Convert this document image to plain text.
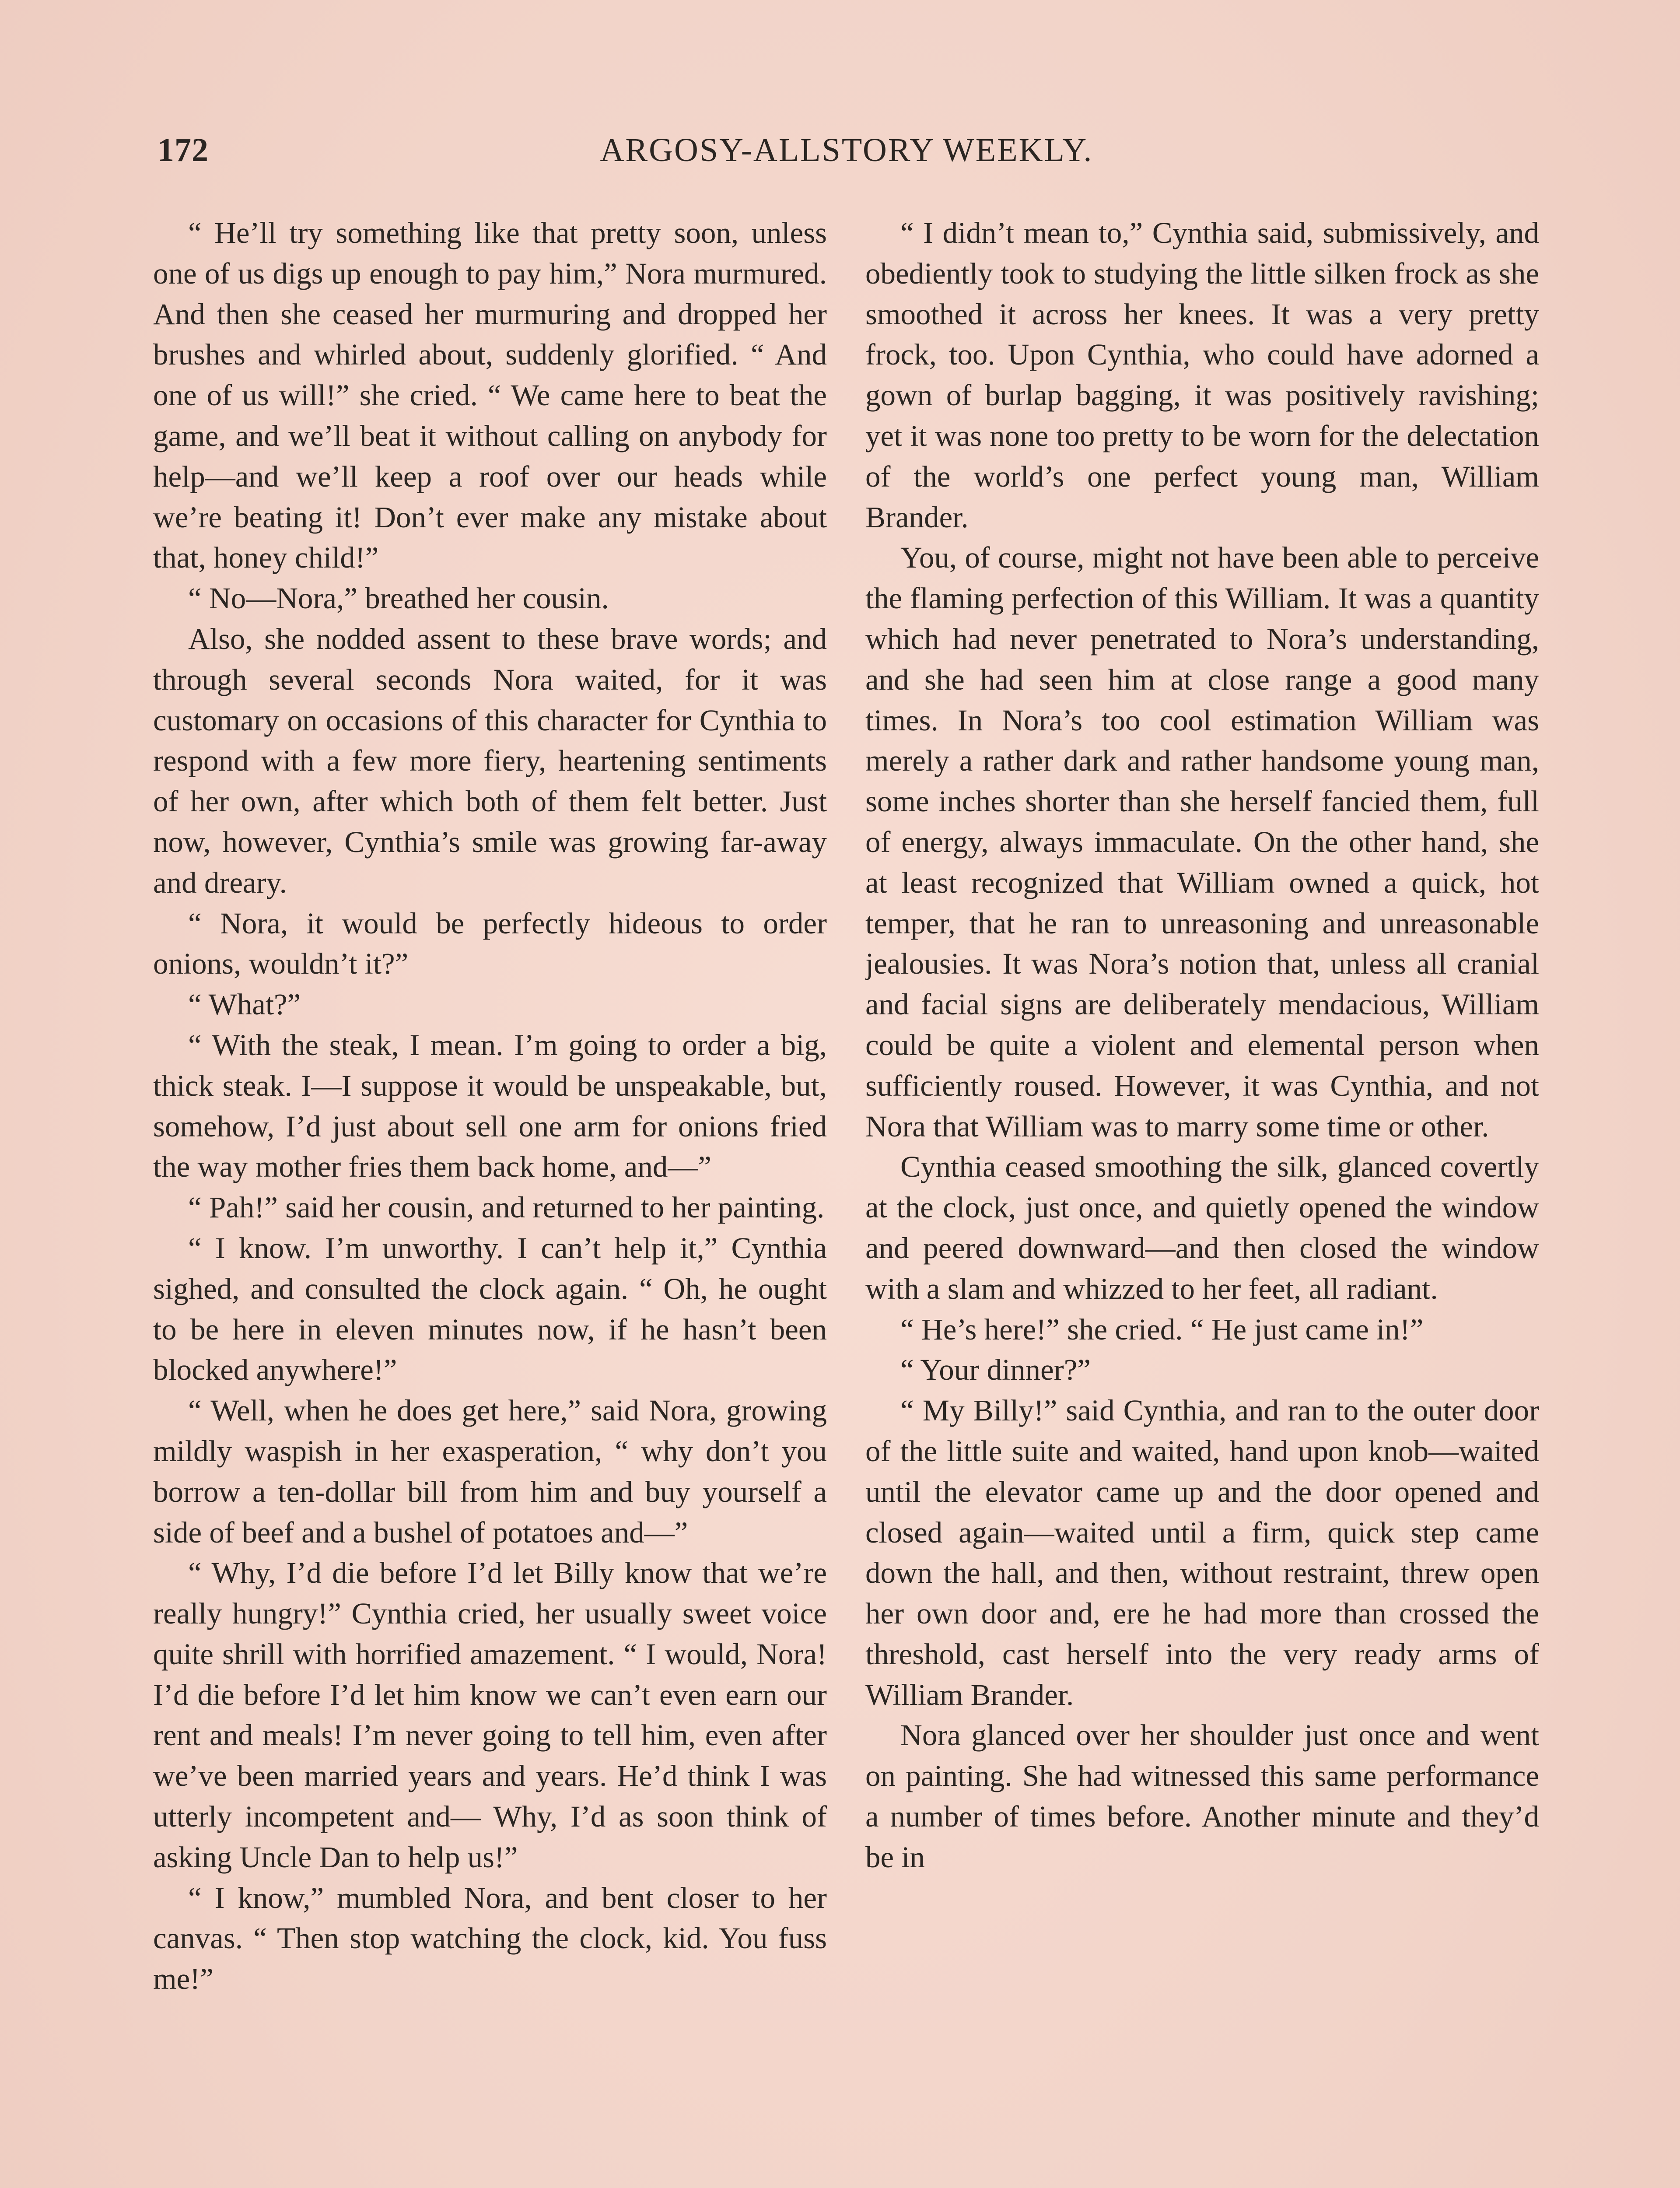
172	ARGOSY-ALLSTORY WEEKLY.

“ He’ll try something like that pretty soon, unless one of us digs up enough to pay him,” Nora murmured. And then she ceased her murmuring and dropped her brushes and whirled about, suddenly glorified. “ And one of us will!” she cried. “ We came here to beat the game, and we’ll beat it without calling on anybody for help—and we’ll keep a roof over our heads while we’re beating it! Don’t ever make any mistake about that, honey child!”

“ No—Nora,” breathed her cousin.

Also, she nodded assent to these brave words; and through several seconds Nora waited, for it was customary on occasions of this character for Cynthia to respond with a few more fiery, heartening sentiments of her own, after which both of them felt better. Just now, however, Cynthia’s smile was growing far-away and dreary.

“ Nora, it would be perfectly hideous to order onions, wouldn’t it?”

“ What?”

“ With the steak, I mean. I’m going to order a big, thick steak. I—I suppose it would be unspeakable, but, somehow, I’d just about sell one arm for onions fried the way mother fries them back home, and—”

“ Pah!” said her cousin, and returned to her painting.

“ I know. I’m unworthy. I can’t help it,” Cynthia sighed, and consulted the clock again. “ Oh, he ought to be here in eleven minutes now, if he hasn’t been blocked anywhere!”

“ Well, when he does get here,” said Nora, growing mildly waspish in her exasperation, “ why don’t you borrow a ten-dollar bill from him and buy yourself a side of beef and a bushel of potatoes and—”

“ Why, I’d die before I’d let Billy know that we’re really hungry!” Cynthia cried, her usually sweet voice quite shrill with horrified amazement. “ I would, Nora! I’d die before I’d let him know we can’t even earn our rent and meals! I’m never going to tell him, even after we’ve been married years and years. He’d think I was utterly incompetent and— Why, I’d as soon think of asking Uncle Dan to help us!”

“ I know,” mumbled Nora, and bent closer to her canvas. “ Then stop watching the clock, kid. You fuss me!”

“ I didn’t mean to,” Cynthia said, submissively, and obediently took to studying the little silken frock as she smoothed it across her knees. It was a very pretty frock, too. Upon Cynthia, who could have adorned a gown of burlap bagging, it was positively ravishing; yet it was none too pretty to be worn for the delectation of the world’s one perfect young man, William Brander.

You, of course, might not have been able to perceive the flaming perfection of this William. It was a quantity which had never penetrated to Nora’s understanding, and she had seen him at close range a good many times. In Nora’s too cool estimation William was merely a rather dark and rather handsome young man, some inches shorter than she herself fancied them, full of energy, always immaculate. On the other hand, she at least recognized that William owned a quick, hot temper, that he ran to unreasoning and unreasonable jealousies. It was Nora’s notion that, unless all cranial and facial signs are deliberately mendacious, William could be quite a violent and elemental person when sufficiently roused. However, it was Cynthia, and not Nora that William was to marry some time or other.

Cynthia ceased smoothing the silk, glanced covertly at the clock, just once, and quietly opened the window and peered downward—and then closed the window with a slam and whizzed to her feet, all radiant.

“ He’s here!” she cried. “ He just came in!”

“ Your dinner?”

“ My Billy!” said Cynthia, and ran to the outer door of the little suite and waited, hand upon knob—waited until the elevator came up and the door opened and closed again—waited until a firm, quick step came down the hall, and then, without restraint, threw open her own door and, ere he had more than crossed the threshold, cast herself into the very ready arms of William Brander.

Nora glanced over her shoulder just once and went on painting. She had witnessed this same performance a number of times before. Another minute and they’d be in
